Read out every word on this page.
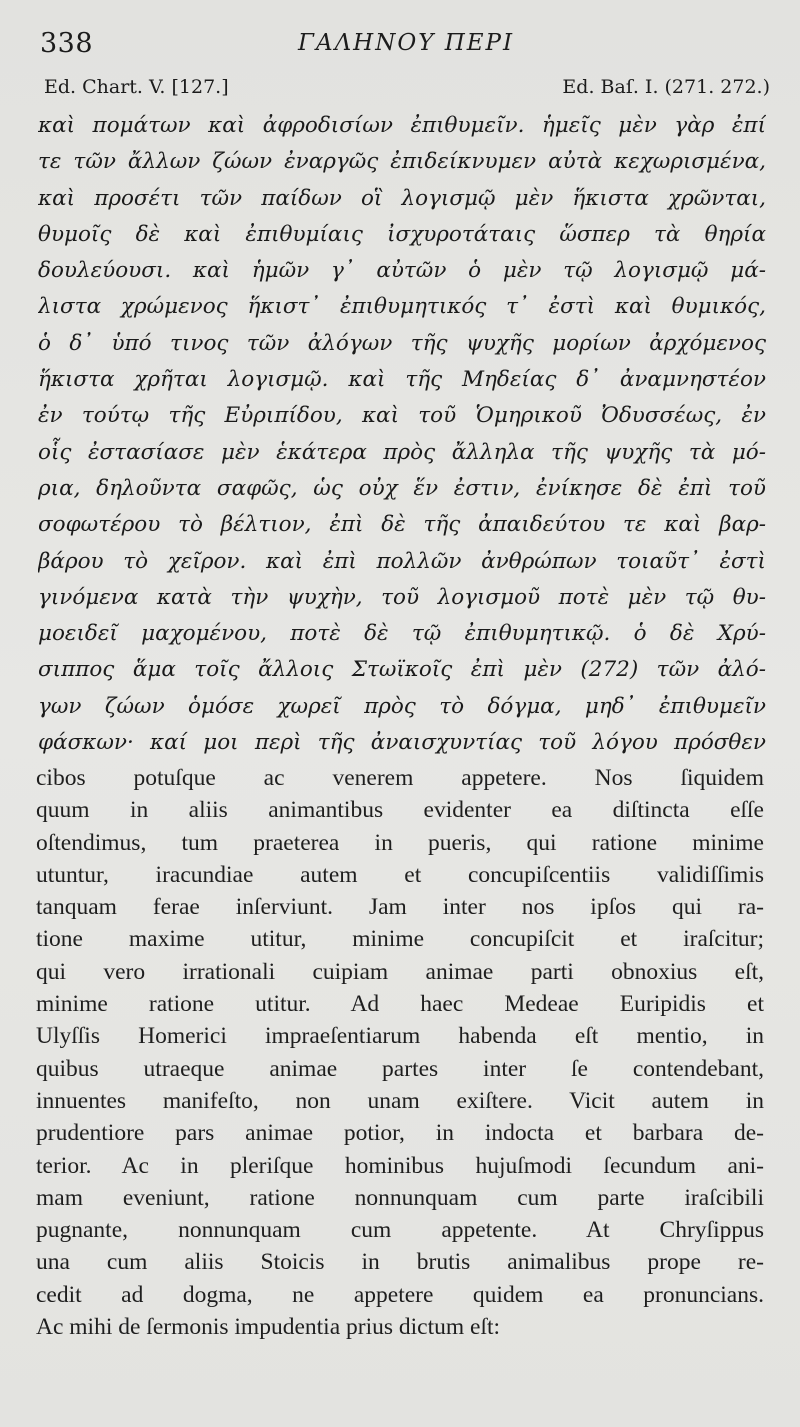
338	ΓΑΛΗΝΟΥ ΠΕΡΙ
Ed. Chart. V. [127.]	Ed. Baſ. I. (271. 272.)
καὶ πομάτων καὶ ἀφροδισίων ἐπιθυμεῖν. ἡμεῖς μὲν γὰρ ἐπί
τε τῶν ἄλλων ζώων ἐναργῶς ἐπιδείκνυμεν αὐτὰ κεχωρισμένα,
καὶ προσέτι τῶν παίδων οἳ λογισμῷ μὲν ἥκιστα χρῶνται,
θυμοῖς δὲ καὶ ἐπιθυμίαις ἰσχυροτάταις ὥσπερ τὰ θηρία
δουλεύουσι. καὶ ἡμῶν γ᾽ αὐτῶν ὁ μὲν τῷ λογισμῷ μά-
λιστα χρώμενος ἥκιστ᾽ ἐπιθυμητικός τ᾽ ἐστὶ καὶ θυμικός,
ὁ δ᾽ ὑπό τινος τῶν ἀλόγων τῆς ψυχῆς μορίων ἀρχόμενος
ἥκιστα χρῆται λογισμῷ. καὶ τῆς Μηδείας δ᾽ ἀναμνηστέον
ἐν τούτῳ τῆς Εὐριπίδου, καὶ τοῦ Ὁμηρικοῦ Ὀδυσσέως, ἐν
οἷς ἐστασίασε μὲν ἑκάτερα πρὸς ἄλληλα τῆς ψυχῆς τὰ μό-
ρια, δηλοῦντα σαφῶς, ὡς οὐχ ἕν ἐστιν, ἐνίκησε δὲ ἐπὶ τοῦ
σοφωτέρου τὸ βέλτιον, ἐπὶ δὲ τῆς ἀπαιδεύτου τε καὶ βαρ-
βάρου τὸ χεῖρον. καὶ ἐπὶ πολλῶν ἀνθρώπων τοιαῦτ᾽ ἐστὶ
γινόμενα κατὰ τὴν ψυχὴν, τοῦ λογισμοῦ ποτὲ μὲν τῷ θυ-
μοειδεῖ μαχομένου, ποτὲ δὲ τῷ ἐπιθυμητικῷ. ὁ δὲ Χρύ-
σιππος ἅμα τοῖς ἄλλοις Στωϊκοῖς ἐπὶ μὲν (272) τῶν ἀλό-
γων ζώων ὁμόσε χωρεῖ πρὸς τὸ δόγμα, μηδ᾽ ἐπιθυμεῖν
φάσκων· καί μοι περὶ τῆς ἀναισχυντίας τοῦ λόγου πρόσθεν
cibos potuſque ac venerem appetere. Nos ſiquidem
quum in aliis animantibus evidenter ea diſtincta eſſe
oſtendimus, tum praeterea in pueris, qui ratione minime
utuntur, iracundiae autem et concupiſcentiis validiſſimis
tanquam ferae inſerviunt. Jam inter nos ipſos qui ra-
tione maxime utitur, minime concupiſcit et iraſcitur;
qui vero irrationali cuipiam animae parti obnoxius eſt,
minime ratione utitur. Ad haec Medeae Euripidis et
Ulyſſis Homerici impraeſentiarum habenda eſt mentio, in
quibus utraeque animae partes inter ſe contendebant,
innuentes manifeſto, non unam exiſtere. Vicit autem in
prudentiore pars animae potior, in indocta et barbara de-
terior. Ac in pleriſque hominibus hujuſmodi ſecundum ani-
mam eveniunt, ratione nonnunquam cum parte iraſcibili
pugnante, nonnunquam cum appetente. At Chryſippus
una cum aliis Stoicis in brutis animalibus prope re-
cedit ad dogma, ne appetere quidem ea pronuncians.
Ac mihi de ſermonis impudentia prius dictum eſt:
